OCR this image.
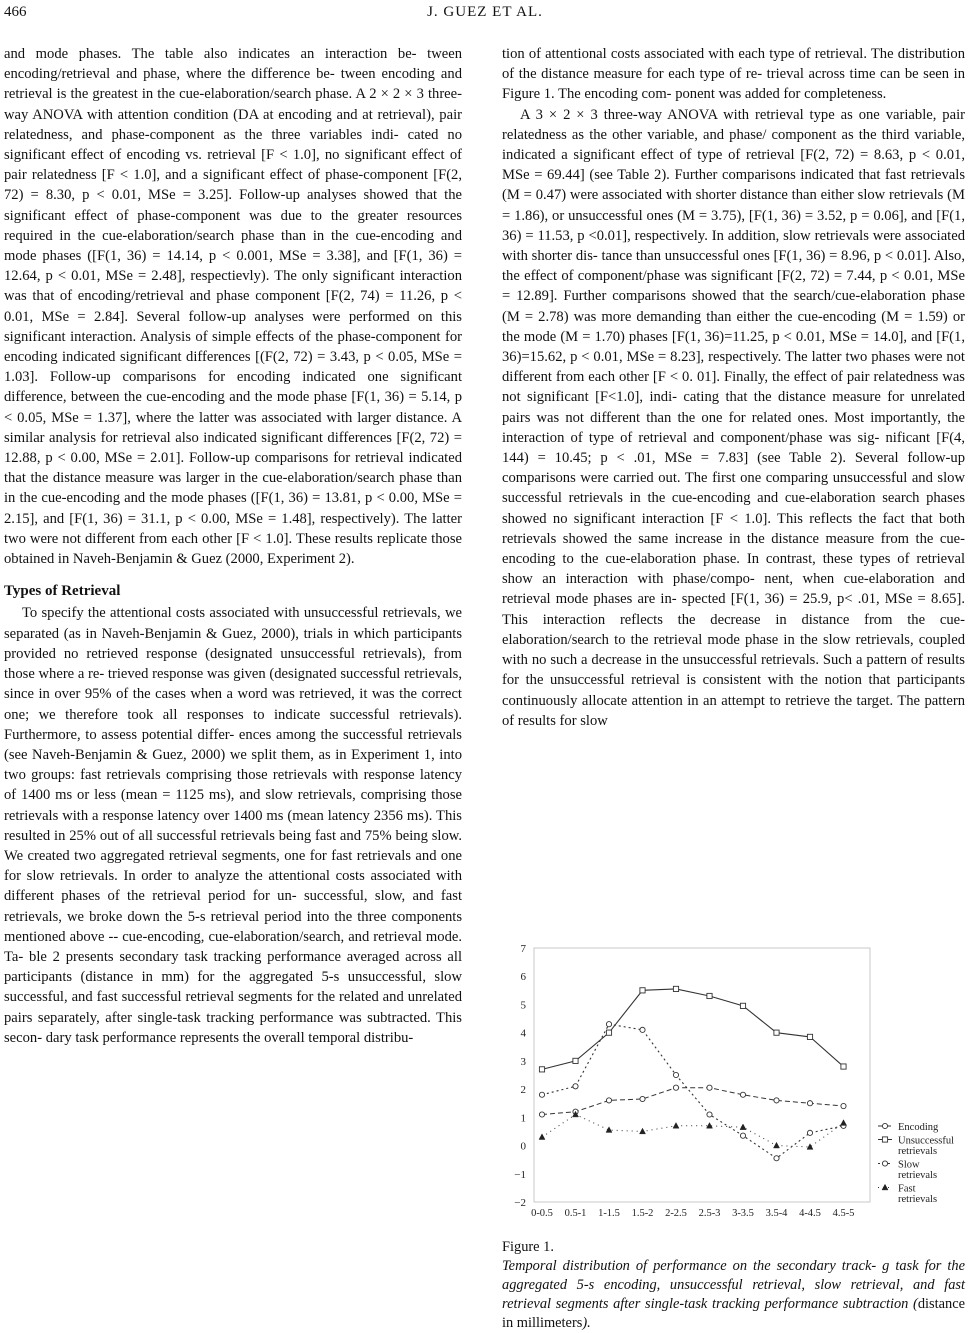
466	J. GUEZ ET AL.

and mode phases. The table also indicates an interaction be- tween encoding/retrieval and phase, where the difference be- tween encoding and retrieval is the greatest in the cue-elaboration/search phase. A 2 × 2 × 3 three-way ANOVA with attention condition (DA at encoding and at retrieval), pair relatedness, and phase-component as the three variables indi- cated no significant effect of encoding vs. retrieval [F < 1.0], no significant effect of pair relatedness [F < 1.0], and a significant effect of phase-component [F(2, 72) = 8.30, p < 0.01, MSe = 3.25]. Follow-up analyses showed that the significant effect of phase-component was due to the greater resources required in the cue-elaboration/search phase than in the cue-encoding and mode phases ([F(1, 36) = 14.14, p < 0.001, MSe = 3.38], and [F(1, 36) = 12.64, p < 0.01, MSe = 2.48], respectievly). The only significant interaction was that of encoding/retrieval and phase component [F(2, 74) = 11.26, p < 0.01, MSe = 2.84]. Several follow-up analyses were performed on this significant interaction. Analysis of simple effects of the phase-component for encoding indicated significant differences [(F(2, 72) = 3.43, p < 0.05, MSe = 1.03]. Follow-up comparisons for encoding indicated one significant difference, between the cue-encoding and the mode phase [F(1, 36) = 5.14, p < 0.05, MSe = 1.37], where the latter was associated with larger distance. A similar analysis for retrieval also indicated significant differences [F(2, 72) = 12.88, p < 0.00, MSe = 2.01]. Follow-up comparisons for retrieval indicated that the distance measure was larger in the cue-elaboration/search phase than in the cue-encoding and the mode phases ([F(1, 36) = 13.81, p < 0.00, MSe = 2.15], and [F(1, 36) = 31.1, p < 0.00, MSe = 1.48], respectively). The latter two were not different from each other [F < 1.0]. These results replicate those obtained in Naveh-Benjamin & Guez (2000, Experiment 2).

Types of Retrieval

To specify the attentional costs associated with unsuccessful retrievals, we separated (as in Naveh-Benjamin & Guez, 2000), trials in which participants provided no retrieved response (designated unsuccessful retrievals), from those where a re- trieved response was given (designated successful retrievals, since in over 95% of the cases when a word was retrieved, it was the correct one; we therefore took all responses to indicate successful retrievals). Furthermore, to assess potential differ- ences among the successful retrievals (see Naveh-Benjamin & Guez, 2000) we split them, as in Experiment 1, into two groups: fast retrievals comprising those retrievals with response latency of 1400 ms or less (mean = 1125 ms), and slow retrievals, comprising those retrievals with a response latency over 1400 ms (mean latency 2356 ms). This resulted in 25% out of all successful retrievals being fast and 75% being slow. We created two aggregated retrieval segments, one for fast retrievals and one for slow retrievals. In order to analyze the attentional costs associated with different phases of the retrieval period for un- successful, slow, and fast retrievals, we broke down the 5-s retrieval period into the three components mentioned above -- cue-encoding, cue-elaboration/search, and retrieval mode. Ta- ble 2 presents secondary task tracking performance averaged across all participants (distance in mm) for the aggregated 5-s unsuccessful, slow successful, and fast successful retrieval segments for the related and unrelated pairs separately, after single-task tracking performance was subtracted. This secon- dary task performance represents the overall temporal distribu-

tion of attentional costs associated with each type of retrieval. The distribution of the distance measure for each type of re- trieval across time can be seen in Figure 1. The encoding com- ponent was added for completeness.

A 3 × 2 × 3 three-way ANOVA with retrieval type as one variable, pair relatedness as the other variable, and phase/ component as the third variable, indicated a significant effect of type of retrieval [F(2, 72) = 8.63, p < 0.01, MSe = 69.44] (see Table 2). Further comparisons indicated that fast retrievals (M = 0.47) were associated with shorter distance than either slow retrievals (M = 1.86), or unsuccessful ones (M = 3.75), [F(1, 36) = 3.52, p = 0.06], and [F(1, 36) = 11.53, p <0.01], respectively. In addition, slow retrievals were associated with shorter dis- tance than unsuccessful ones [F(1, 36) = 8.96, p < 0.01]. Also, the effect of component/phase was significant [F(2, 72) = 7.44, p < 0.01, MSe = 12.89]. Further comparisons showed that the search/cue-elaboration phase (M = 2.78) was more demanding than either the cue-encoding (M = 1.59) or the mode (M = 1.70) phases [F(1, 36)=11.25, p < 0.01, MSe = 14.0], and [F(1, 36)=15.62, p < 0.01, MSe = 8.23], respectively. The latter two phases were not different from each other [F < 0. 01]. Finally, the effect of pair relatedness was not significant [F<1.0], indi- cating that the distance measure for unrelated pairs was not different than the one for related ones. Most importantly, the interaction of type of retrieval and component/phase was sig- nificant [F(4, 144) = 10.45; p < .01, MSe = 7.83] (see Table 2). Several follow-up comparisons were carried out. The first one comparing unsuccessful and slow successful retrievals in the cue-encoding and cue-elaboration search phases showed no significant interaction [F < 1.0]. This reflects the fact that both retrievals showed the same increase in the distance measure from the cue-encoding to the cue-elaboration phase. In contrast, these types of retrieval show an interaction with phase/compo- nent, when cue-elaboration and retrieval mode phases are in- spected [F(1, 36) = 25.9, p< .01, MSe = 8.65]. This interaction reflects the decrease in distance from the cue-elaboration/search to the retrieval mode phase in the slow retrievals, coupled with no such a decrease in the unsuccessful retrievals. Such a pattern of results for the unsuccessful retrieval is consistent with the notion that participants continuously allocate attention in an attempt to retrieve the target. The pattern of results for slow

7
6
5
4
3
2
1
0
−1
−2
0-0.5 0.5-1 1-1.5 1.5-2 2-2.5 2.5-3 3-3.5 3.5-4 4-4.5 4.5-5
Encoding
Unsuccessful
retrievals
Slow
retrievals
Fast
retrievals
Figure 1.
Temporal distribution of performance on the secondary track- g task for the aggregated 5-s encoding, unsuccessful retrieval, slow retrieval, and fast retrieval segments after single-task tracking performance subtraction (distance in millimeters).
